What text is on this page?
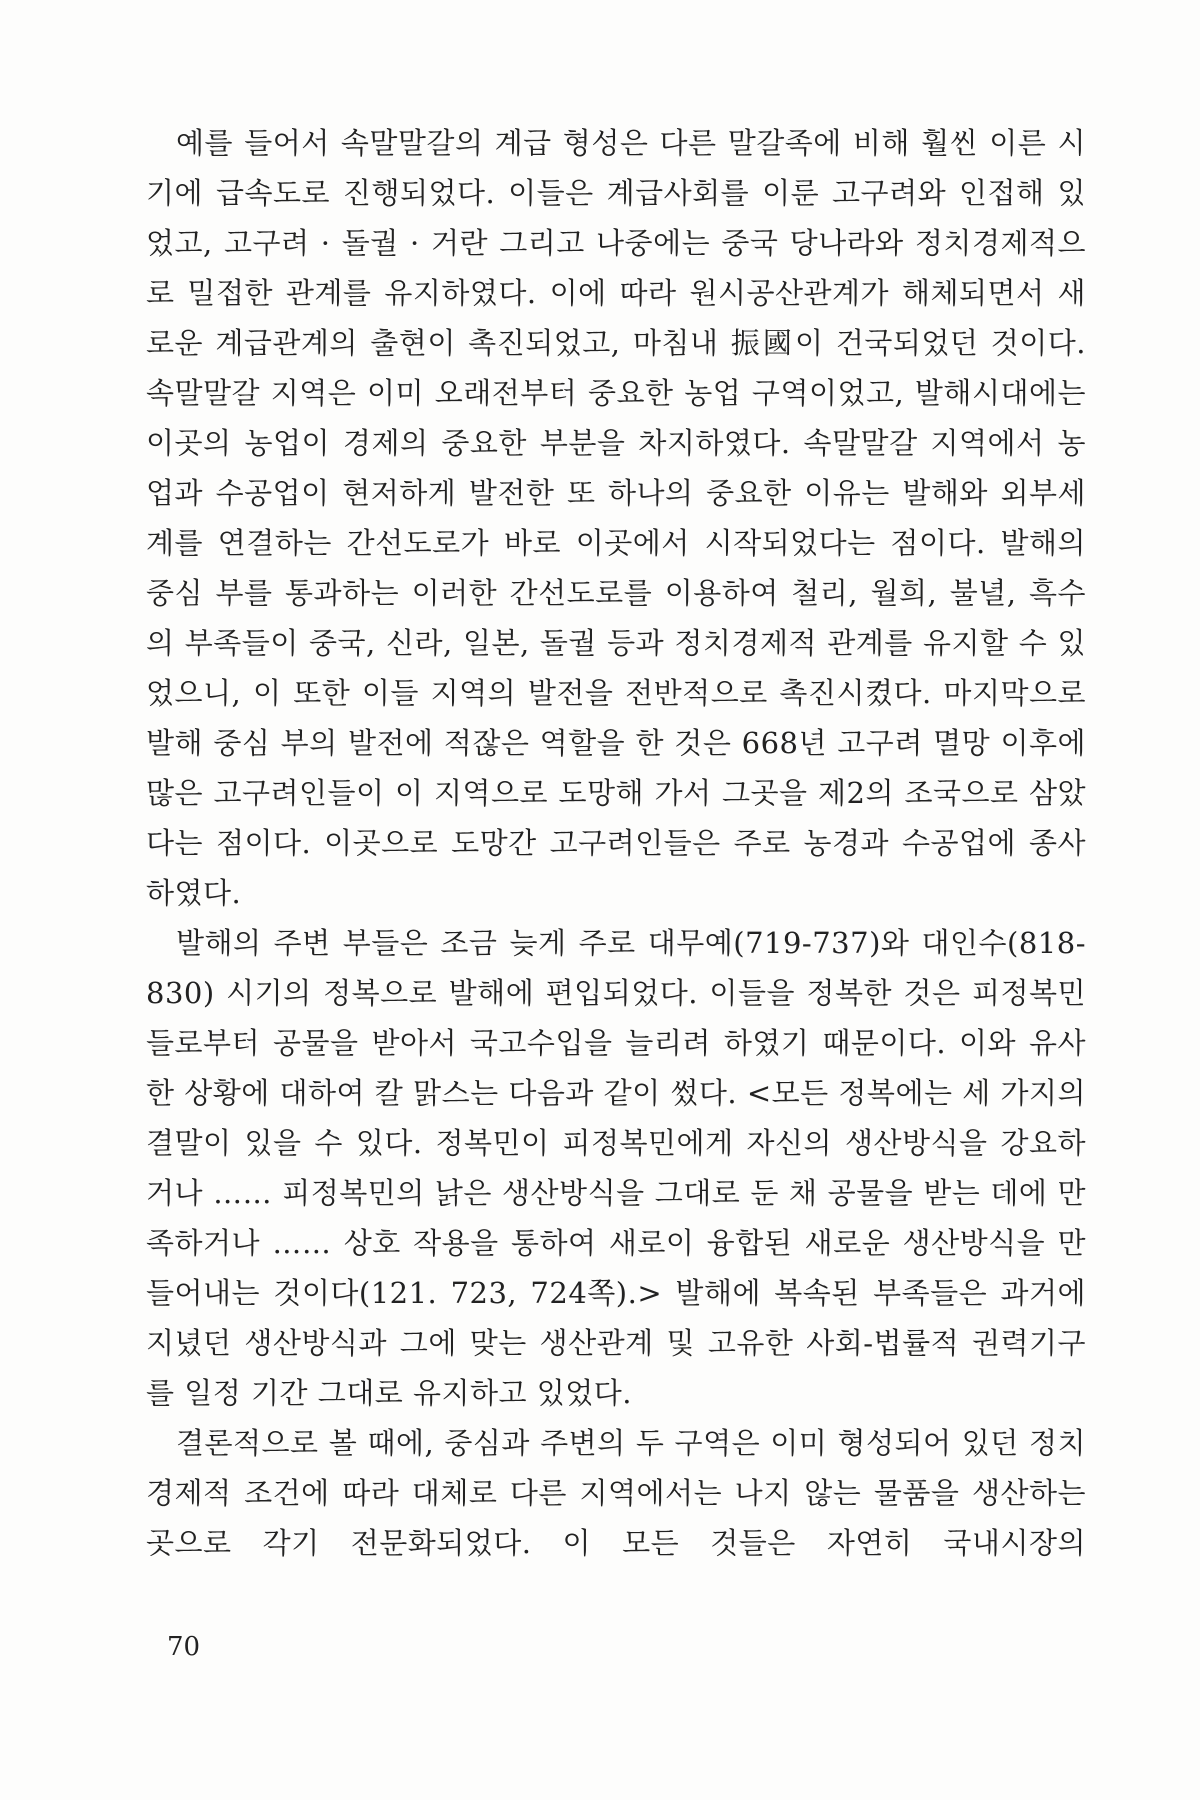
예를 들어서 속말말갈의 계급 형성은 다른 말갈족에 비해 훨씬 이른 시기에 급속도로 진행되었다. 이들은 계급사회를 이룬 고구려와 인접해 있었고, 고구려 · 돌궐 · 거란 그리고 나중에는 중국 당나라와 정치경제적으로 밀접한 관계를 유지하였다. 이에 따라 원시공산관계가 해체되면서 새로운 계급관계의 출현이 촉진되었고, 마침내 振國이 건국되었던 것이다. 속말말갈 지역은 이미 오래전부터 중요한 농업 구역이었고, 발해시대에는 이곳의 농업이 경제의 중요한 부분을 차지하였다. 속말말갈 지역에서 농업과 수공업이 현저하게 발전한 또 하나의 중요한 이유는 발해와 외부세계를 연결하는 간선도로가 바로 이곳에서 시작되었다는 점이다. 발해의 중심 부를 통과하는 이러한 간선도로를 이용하여 철리, 월희, 불녈, 흑수의 부족들이 중국, 신라, 일본, 돌궐 등과 정치경제적 관계를 유지할 수 있었으니, 이 또한 이들 지역의 발전을 전반적으로 촉진시켰다. 마지막으로 발해 중심 부의 발전에 적잖은 역할을 한 것은 668년 고구려 멸망 이후에 많은 고구려인들이 이 지역으로 도망해 가서 그곳을 제2의 조국으로 삼았다는 점이다. 이곳으로 도망간 고구려인들은 주로 농경과 수공업에 종사하였다.

발해의 주변 부들은 조금 늦게 주로 대무예(719-737)와 대인수(818-830) 시기의 정복으로 발해에 편입되었다. 이들을 정복한 것은 피정복민들로부터 공물을 받아서 국고수입을 늘리려 하였기 때문이다. 이와 유사한 상황에 대하여 칼 맑스는 다음과 같이 썼다. <모든 정복에는 세 가지의 결말이 있을 수 있다. 정복민이 피정복민에게 자신의 생산방식을 강요하거나 …… 피정복민의 낡은 생산방식을 그대로 둔 채 공물을 받는 데에 만족하거나 …… 상호 작용을 통하여 새로이 융합된 새로운 생산방식을 만들어내는 것이다(121. 723, 724쪽).> 발해에 복속된 부족들은 과거에 지녔던 생산방식과 그에 맞는 생산관계 및 고유한 사회-법률적 권력기구를 일정 기간 그대로 유지하고 있었다.

결론적으로 볼 때에, 중심과 주변의 두 구역은 이미 형성되어 있던 정치경제적 조건에 따라 대체로 다른 지역에서는 나지 않는 물품을 생산하는 곳으로 각기 전문화되었다. 이 모든 것들은 자연히 국내시장의

70
